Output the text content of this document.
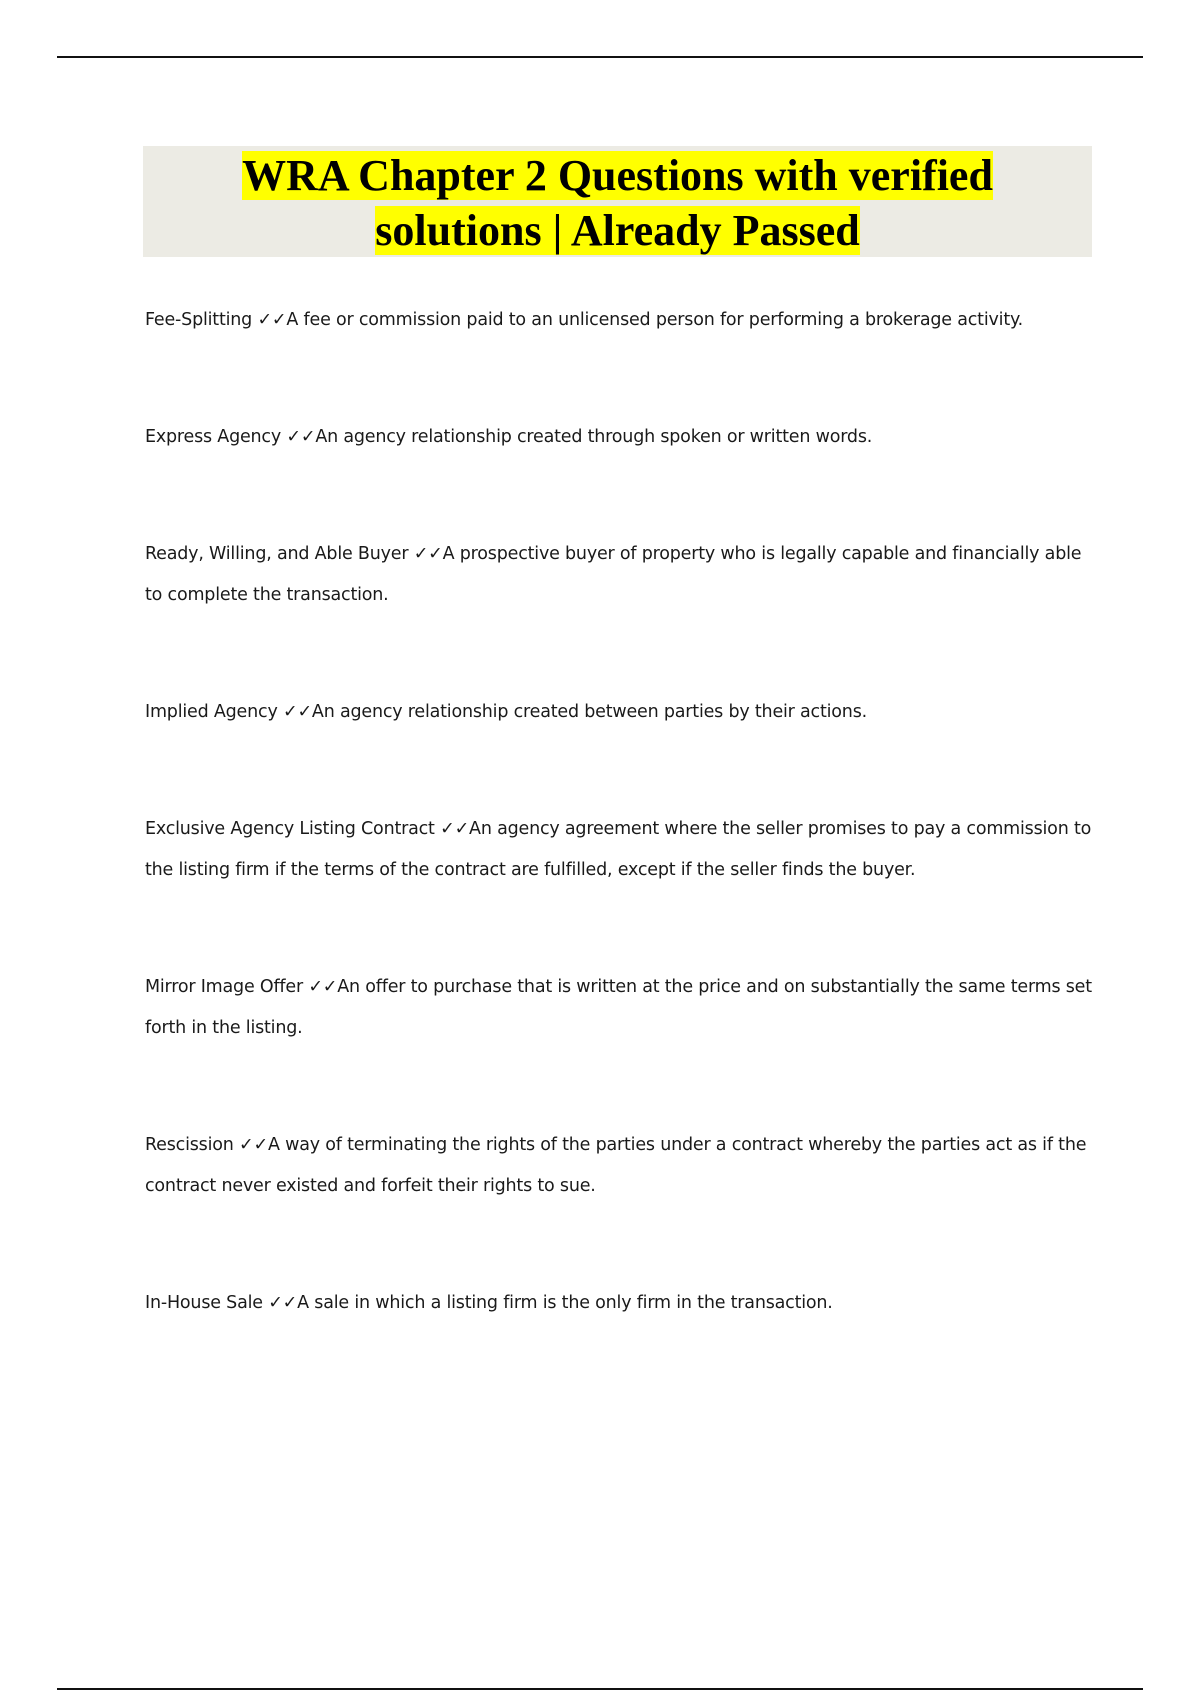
WRA Chapter 2 Questions with verified
solutions | Already Passed
Fee-Splitting ✓✓A fee or commission paid to an unlicensed person for performing a brokerage activity.
Express Agency ✓✓An agency relationship created through spoken or written words.
Ready, Willing, and Able Buyer ✓✓A prospective buyer of property who is legally capable and financially able to complete the transaction.
Implied Agency ✓✓An agency relationship created between parties by their actions.
Exclusive Agency Listing Contract ✓✓An agency agreement where the seller promises to pay a commission to the listing firm if the terms of the contract are fulfilled, except if the seller finds the buyer.
Mirror Image Offer ✓✓An offer to purchase that is written at the price and on substantially the same terms set forth in the listing.
Rescission ✓✓A way of terminating the rights of the parties under a contract whereby the parties act as if the contract never existed and forfeit their rights to sue.
In-House Sale ✓✓A sale in which a listing firm is the only firm in the transaction.
